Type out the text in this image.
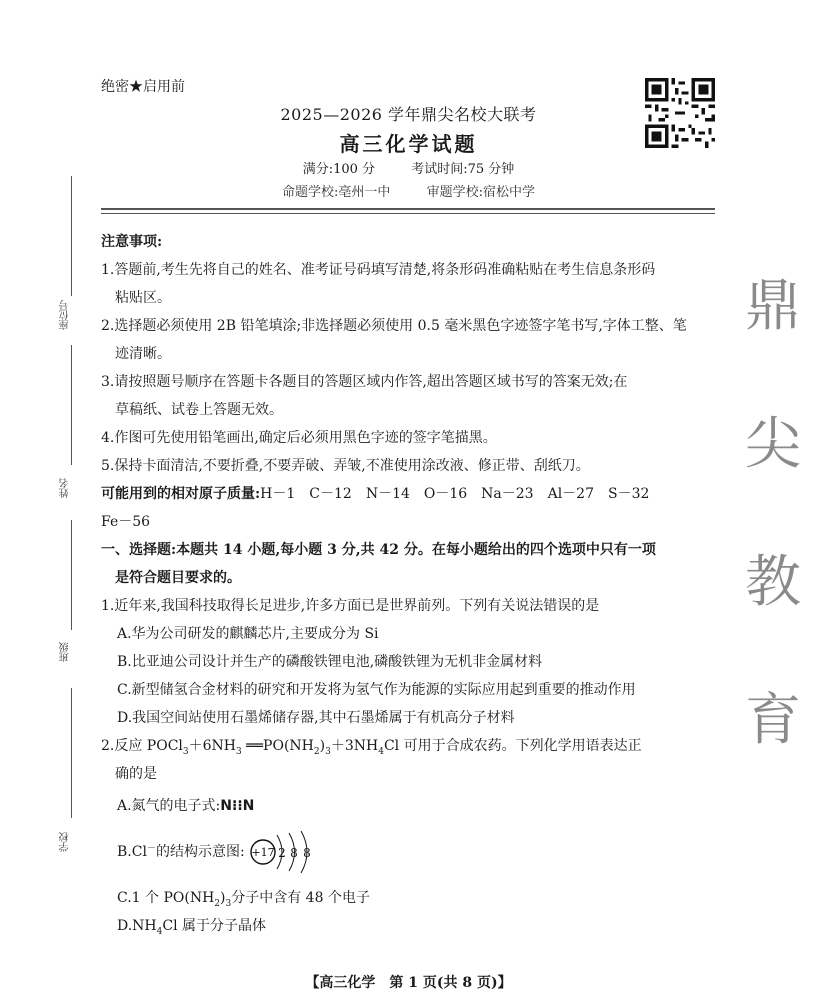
绝密★启用前
2025—2026 学年鼎尖名校大联考
高三化学试题
满分:100 分	考试时间:75 分钟
命题学校:亳州一中	审题学校:宿松中学
座位号
姓名
班级
学校
鼎
尖
教
育

注意事项:

1.答题前,考生先将自己的姓名、准考证号码填写清楚,将条形码准确粘贴在考生信息条形码

粘贴区。

2.选择题必须使用 2B 铅笔填涂;非选择题必须使用 0.5 毫米黑色字迹签字笔书写,字体工整、笔

迹清晰。

3.请按照题号顺序在答题卡各题目的答题区域内作答,超出答题区域书写的答案无效;在

草稿纸、试卷上答题无效。

4.作图可先使用铅笔画出,确定后必须用黑色字迹的签字笔描黑。

5.保持卡面清洁,不要折叠,不要弄破、弄皱,不准使用涂改液、修正带、刮纸刀。

可能用到的相对原子质量:H－1　C－12　N－14　O－16　Na－23　Al－27　S－32

Fe－56

一、选择题:本题共 14 小题,每小题 3 分,共 42 分。在每小题给出的四个选项中只有一项

是符合题目要求的。

1.近年来,我国科技取得长足进步,许多方面已是世界前列。下列有关说法错误的是

A.华为公司研发的麒麟芯片,主要成分为 Si

B.比亚迪公司设计并生产的磷酸铁锂电池,磷酸铁锂为无机非金属材料

C.新型储氢合金材料的研究和开发将为氢气作为能源的实际应用起到重要的推动作用

D.我国空间站使用石墨烯储存器,其中石墨烯属于有机高分子材料

2.反应 $POCl_3+6NH_3$ $══PO(NH_2)_3+3NH_4Cl$ 可用于合成农药。下列化学用语表达正

确的是

A.氮气的电子式:N⁝⁝N

B.Cl－的结构示意图: +17 2 8 8

C.1 个 $PO(NH_2)_3$分子中含有 48 个电子

$D.NH_4Cl$ 属于分子晶体

【高三化学　第 1 页(共 8 页)】
